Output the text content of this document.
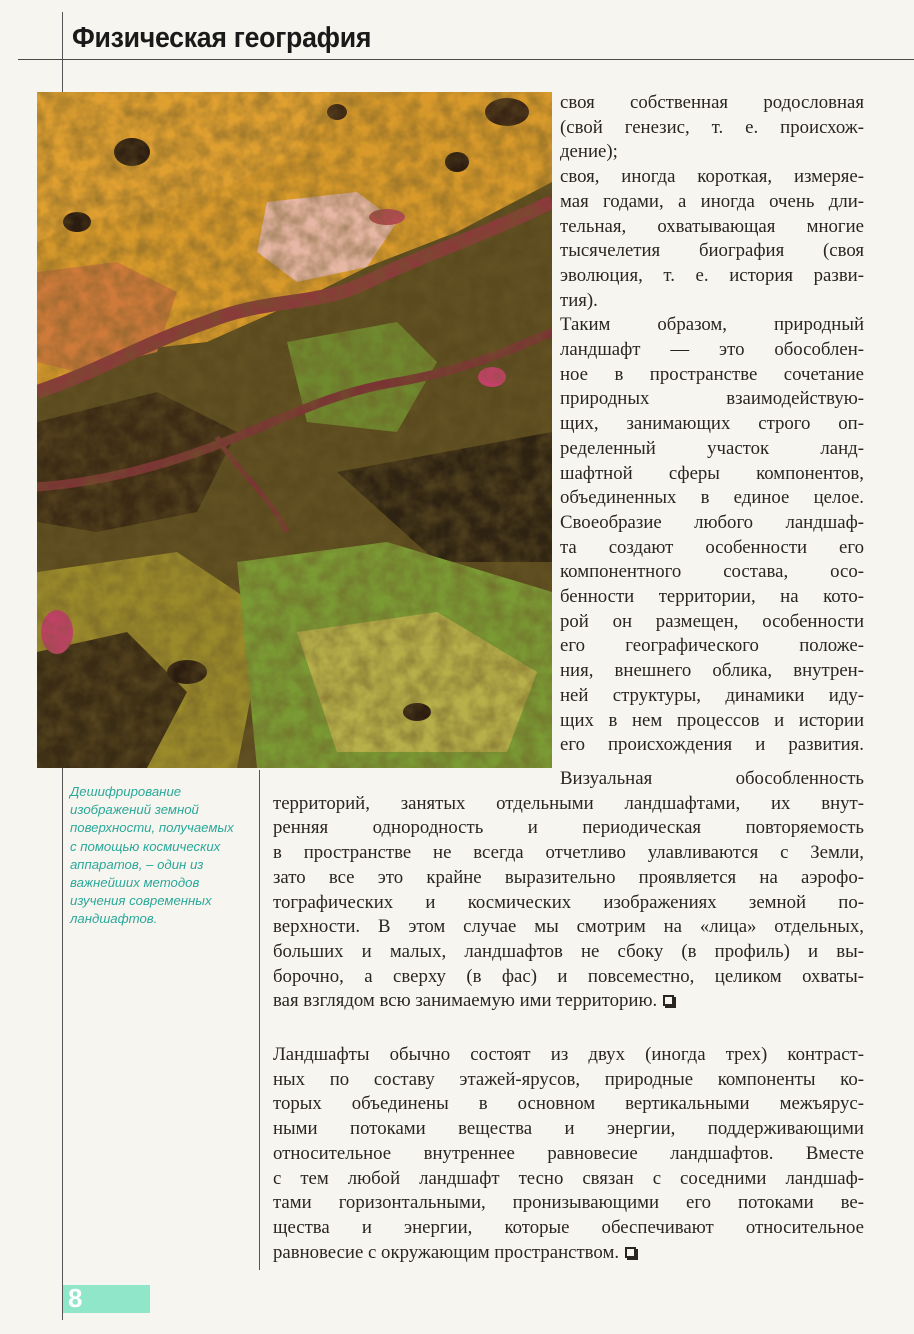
Физическая география
Дешифрирование
изображений земной
поверхности, получаемых
с помощью космических
аппаратов, – один из
важнейших методов
изучения современных
ландшафтов.
своя собственная родословная
(свой генезис, т. е. происхож-
дение);
своя, иногда короткая, измеряе-
мая годами, а иногда очень дли-
тельная, охватывающая многие
тысячелетия биография (своя
эволюция, т. е. история разви-
тия).
Таким образом, природный
ландшафт — это обособлен-
ное в пространстве сочетание
природных взаимодействую-
щих, занимающих строго оп-
ределенный участок ланд-
шафтной сферы компонентов,
объединенных в единое целое.
Своеобразие любого ландшаф-
та создают особенности его
компонентного состава, осо-
бенности территории, на кото-
рой он размещен, особенности
его географического положе-
ния, внешнего облика, внутрен-
ней структуры, динамики иду-
щих в нем процессов и истории
его происхождения и развития.
Визуальная обособленность
территорий, занятых отдельными ландшафтами, их внут-
ренняя однородность и периодическая повторяемость
в пространстве не всегда отчетливо улавливаются с Земли,
зато все это крайне выразительно проявляется на аэрофо-
тографических и космических изображениях земной по-
верхности. В этом случае мы смотрим на «лица» отдельных,
больших и малых, ландшафтов не сбоку (в профиль) и вы-
борочно, а сверху (в фас) и повсеместно, целиком охваты-
вая взглядом всю занимаемую ими территорию.
Ландшафты обычно состоят из двух (иногда трех) контраст-
ных по составу этажей-ярусов, природные компоненты ко-
торых объединены в основном вертикальными межъярус-
ными потоками вещества и энергии, поддерживающими
относительное внутреннее равновесие ландшафтов. Вместе
с тем любой ландшафт тесно связан с соседними ландшаф-
тами горизонтальными, пронизывающими его потоками ве-
щества и энергии, которые обеспечивают относительное
равновесие с окружающим пространством.
8
